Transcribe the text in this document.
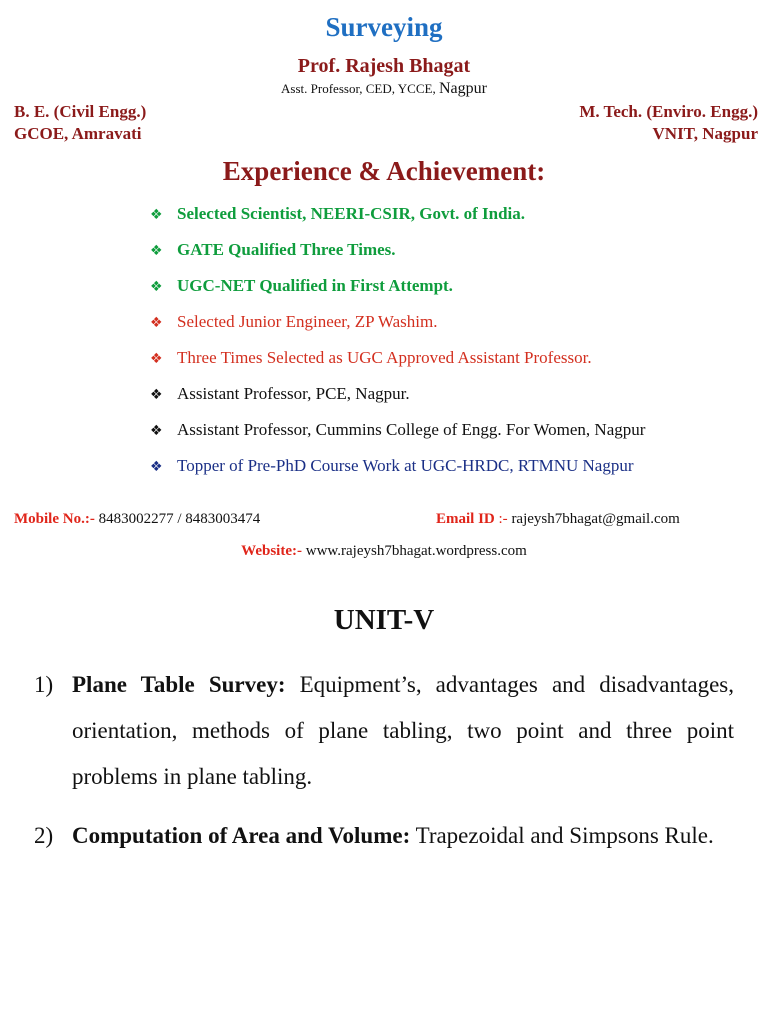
Surveying
Prof. Rajesh Bhagat
Asst. Professor, CED, YCCE, Nagpur
B. E. (Civil Engg.)
GCOE, Amravati
M. Tech. (Enviro. Engg.)
VNIT, Nagpur
Experience & Achievement:
❖ Selected Scientist, NEERI-CSIR, Govt. of India.
❖ GATE Qualified Three Times.
❖ UGC-NET Qualified in First Attempt.
❖ Selected Junior Engineer, ZP Washim.
❖ Three Times Selected as UGC Approved Assistant Professor.
❖ Assistant Professor, PCE, Nagpur.
❖ Assistant Professor, Cummins College of Engg. For Women, Nagpur
❖ Topper of Pre-PhD Course Work at UGC-HRDC, RTMNU Nagpur
Mobile No.:- 8483002277 / 8483003474	Email ID :- rajeysh7bhagat@gmail.com
Website:- www.rajeysh7bhagat.wordpress.com
UNIT-V
1) Plane Table Survey: Equipment’s, advantages and disadvantages, orientation, methods of plane tabling, two point and three point problems in plane tabling.
2) Computation of Area and Volume: Trapezoidal and Simpsons Rule.
